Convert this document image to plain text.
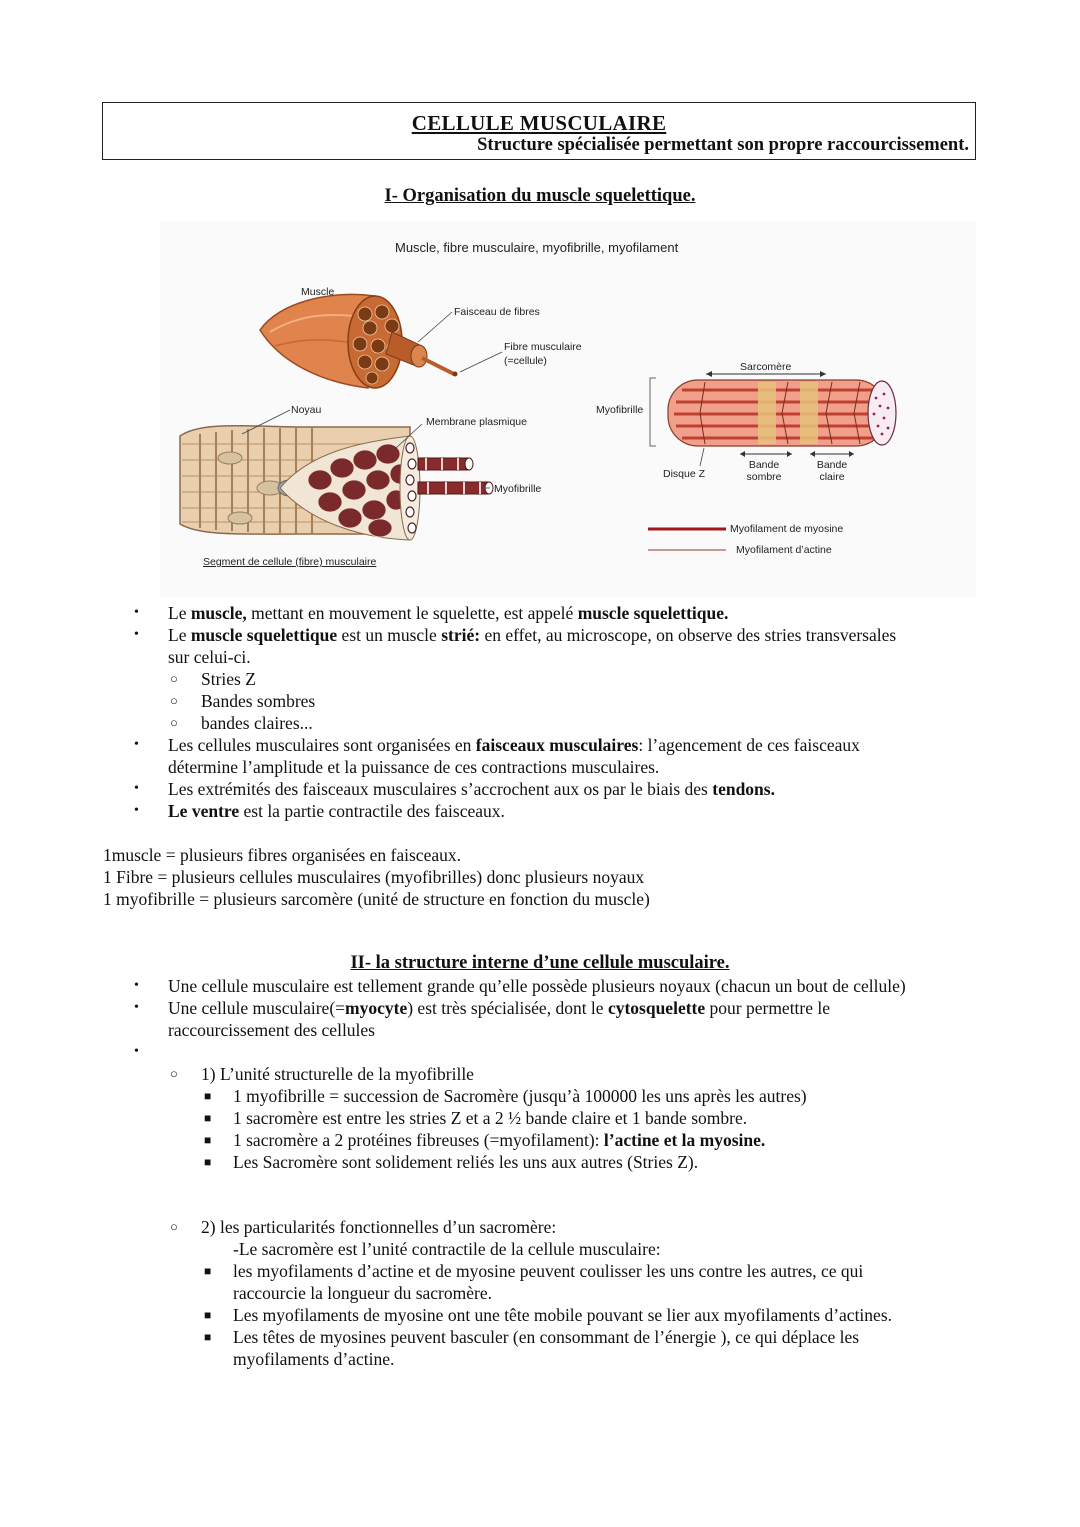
CELLULE MUSCULAIRE
Structure spécialisée permettant son propre raccourcissement.
I- Organisation du muscle squelettique.
Muscle, fibre musculaire, myofibrille, myofilament
Muscle
Faisceau de fibres
Fibre musculaire
(=cellule)
Noyau
Membrane plasmique
Myofibrille
Segment de cellule (fibre) musculaire
Myofibrille
Sarcomère
Disque Z
Bande sombre
Bande claire
Myofilament de myosine
Myofilament d’actine
• Le muscle, mettant en mouvement le squelette, est appelé muscle squelettique.
• Le muscle squelettique est un muscle strié: en effet, au microscope, on observe des stries transversales
sur celui-ci.
○ Stries Z
○ Bandes sombres
○ bandes claires...
• Les cellules musculaires sont organisées en faisceaux musculaires: l’agencement de ces faisceaux
détermine l’amplitude et la puissance de ces contractions musculaires.
• Les extrémités des faisceaux musculaires s’accrochent aux os par le biais des tendons.
• Le ventre est la partie contractile des faisceaux.
1muscle = plusieurs fibres organisées en faisceaux.
1 Fibre = plusieurs cellules musculaires (myofibrilles) donc plusieurs noyaux
1 myofibrille = plusieurs sarcomère (unité de structure en fonction du muscle)
II- la structure interne d’une cellule musculaire.
• Une cellule musculaire est tellement grande qu’elle possède plusieurs noyaux (chacun un bout de cellule)
• Une cellule musculaire(=myocyte) est très spécialisée, dont le cytosquelette pour permettre le
raccourcissement des cellules
•
○ 1) L’unité structurelle de la myofibrille
■ 1 myofibrille = succession de Sacromère (jusqu’à 100000 les uns après les autres)
■ 1 sacromère est entre les stries Z et a 2 ½ bande claire et 1 bande sombre.
■ 1 sacromère a 2 protéines fibreuses (=myofilament): l’actine et la myosine.
■ Les Sacromère sont solidement reliés les uns aux autres (Stries Z).
○ 2) les particularités fonctionnelles d’un sacromère:
-Le sacromère est l’unité contractile de la cellule musculaire:
■ les myofilaments d’actine et de myosine peuvent coulisser les uns contre les autres, ce qui
raccourcie la longueur du sacromère.
■ Les myofilaments de myosine ont une tête mobile pouvant se lier aux myofilaments d’actines.
■ Les têtes de myosines peuvent basculer (en consommant de l’énergie ), ce qui déplace les
myofilaments d’actine.
